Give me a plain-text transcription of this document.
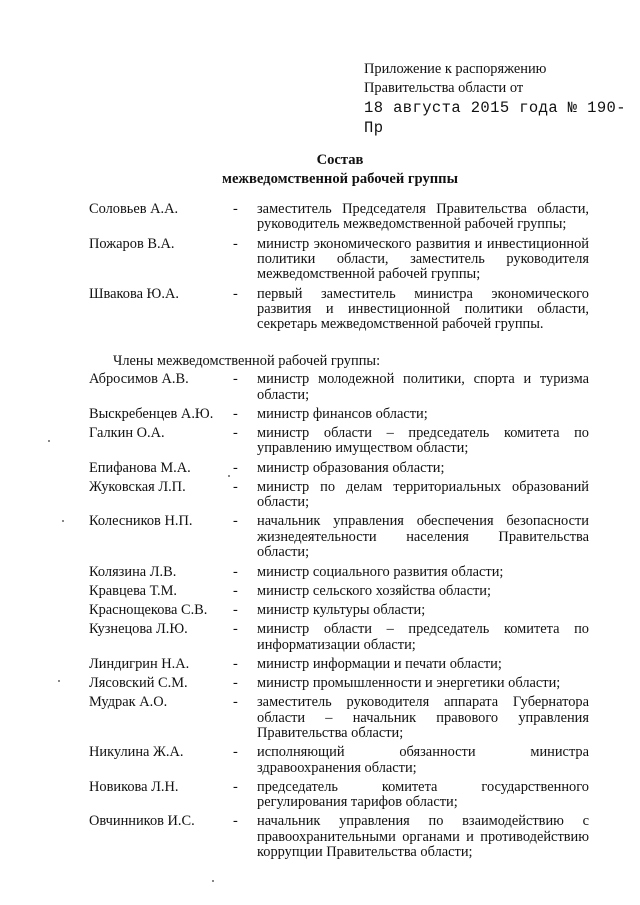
Приложение к распоряжению
Правительства области от
18 августа 2015 года № 190-Пр
Состав
межведомственной рабочей группы
Соловьев А.А.	-	заместитель Председателя Правительства области, руководитель межведомственной рабочей группы;
Пожаров В.А.	-	министр экономического развития и инвестиционной политики области, заместитель руководителя межведомственной рабочей группы;
Швакова Ю.А.	-	первый заместитель министра экономического развития и инвестиционной политики области, секретарь межведомственной рабочей группы.
Члены межведомственной рабочей группы:
Абросимов А.В.	-	министр молодежной политики, спорта и туризма области;
Выскребенцев А.Ю.	-	министр финансов области;
Галкин О.А.	-	министр области – председатель комитета по управлению имуществом области;
Епифанова М.А.	-	министр образования области;
Жуковская Л.П.	-	министр по делам территориальных образований области;
Колесников Н.П.	-	начальник управления обеспечения безопасности жизнедеятельности населения Правительства области;
Колязина Л.В.	-	министр социального развития области;
Кравцева Т.М.	-	министр сельского хозяйства области;
Краснощекова С.В.	-	министр культуры области;
Кузнецова Л.Ю.	-	министр области – председатель комитета по информатизации области;
Линдигрин Н.А.	-	министр информации и печати области;
Лясовский С.М.	-	министр промышленности и энергетики области;
Мудрак А.О.	-	заместитель руководителя аппарата Губернатора области – начальник правового управления Правительства области;
Никулина Ж.А.	-	исполняющий обязанности министра здравоохранения области;
Новикова Л.Н.	-	председатель комитета государственного регулирования тарифов области;
Овчинников И.С.	-	начальник управления по взаимодействию с правоохранительными органами и противодействию коррупции Правительства области;
